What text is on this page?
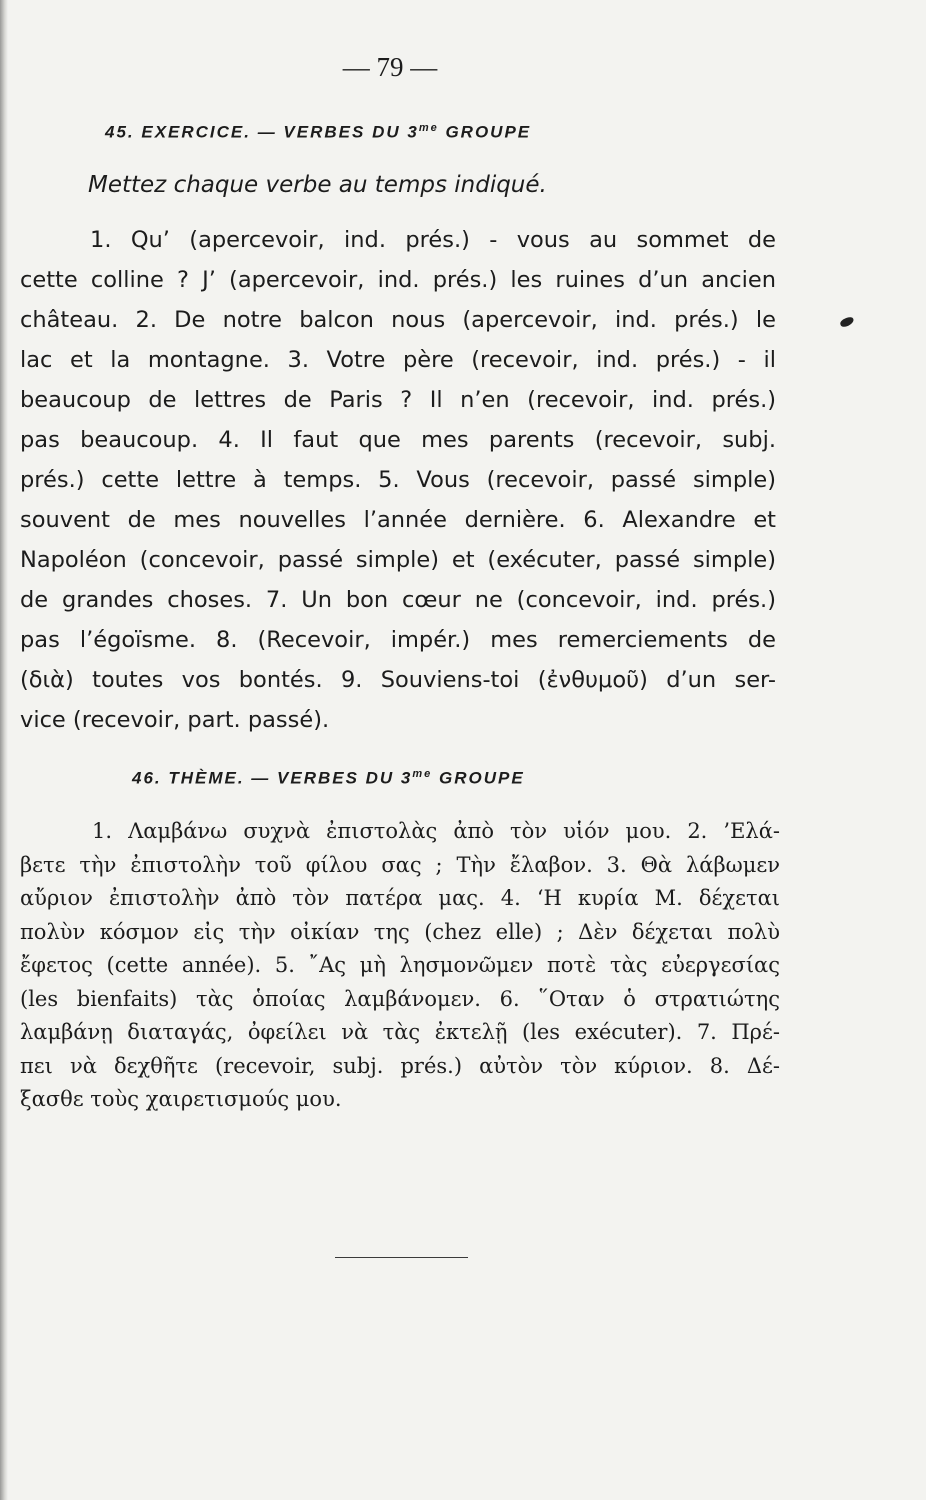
— 79 —
45. EXERCICE. — VERBES DU $3^{me}$ GROUPE
Mettez chaque verbe au temps indiqué.
1. Qu’ (apercevoir, ind. prés.) - vous au sommet de
cette colline ? J’ (apercevoir, ind. prés.) les ruines d’un ancien
château. 2. De notre balcon nous (apercevoir, ind. prés.) le
lac et la montagne. 3. Votre père (recevoir, ind. prés.) - il
beaucoup de lettres de Paris ? Il n’en (recevoir, ind. prés.)
pas beaucoup. 4. Il faut que mes parents (recevoir, subj.
prés.) cette lettre à temps. 5. Vous (recevoir, passé simple)
souvent de mes nouvelles l’année dernière. 6. Alexandre et
Napoléon (concevoir, passé simple) et (exécuter, passé simple)
de grandes choses. 7. Un bon cœur ne (concevoir, ind. prés.)
pas l’égoïsme. 8. (Recevoir, impér.) mes remerciements de
(διὰ) toutes vos bontés. 9. Souviens-toi (ἐνθυμοῦ) d’un ser-
vice (recevoir, part. passé).
46. THÈME. — VERBES DU $3^{me}$ GROUPE
1. Λαμβάνω συχνὰ ἐπιστολὰς ἀπὸ τὸν υἱόν μου. 2. ’Ελά-
βετε τὴν ἐπιστολὴν τοῦ φίλου σας ; Τὴν ἔλαβον. 3. Θὰ λάβωμεν
αὔριον ἐπιστολὴν ἀπὸ τὸν πατέρα μας. 4. ‘Η κυρία Μ. δέχεται
πολὺν κόσμον εἰς τὴν οἰκίαν της (chez elle) ; Δὲν δέχεται πολὺ
ἔφετος (cette année). 5. ῎Ας μὴ λησμονῶμεν ποτὲ τὰς εὐεργεσίας
(les bienfaits) τὰς ὁποίας λαμβάνομεν. 6. ῞Οταν ὁ στρατιώτης
λαμβάνῃ διαταγάς, ὀφείλει νὰ τὰς ἐκτελῇ (les exécuter). 7. Πρέ-
πει νὰ δεχθῆτε (recevoir, subj. prés.) αὐτὸν τὸν κύριον. 8. Δέ-
ξασθε τοὺς χαιρετισμούς μου.
